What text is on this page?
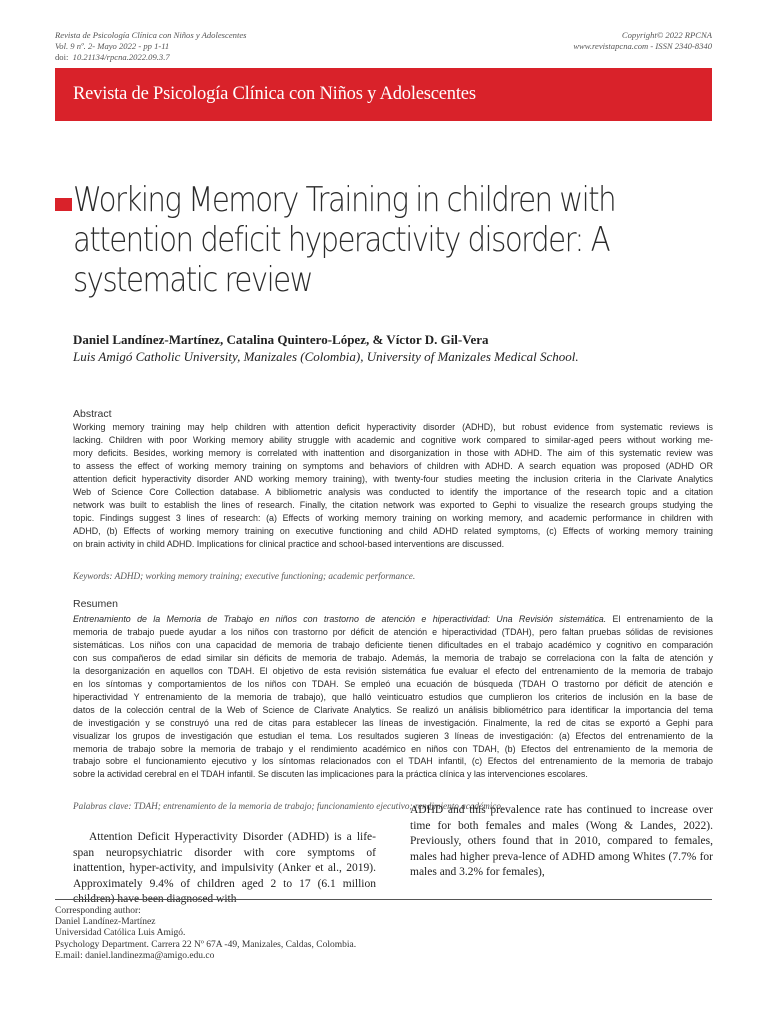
Revista de Psicología Clínica con Niños y Adolescentes
Vol. 9 nº. 2- Mayo 2022 - pp 1-11
doi: 10.21134/rpcna.2022.09.3.7
Copyright© 2022 RPCNA
www.revistapcna.com - ISSN 2340-8340
Revista de Psicología Clínica con Niños y Adolescentes
Working Memory Training in children with
attention deficit hyperactivity disorder: A
systematic review
Daniel Landínez-Martínez, Catalina Quintero-López, & Víctor D. Gil-Vera
Luis Amigó Catholic University, Manizales (Colombia), University of Manizales Medical School.
Abstract
Working memory training may help children with attention deficit hyperactivity disorder (ADHD), but robust evidence from systematic reviews is
lacking. Children with poor Working memory ability struggle with academic and cognitive work compared to similar-aged peers without working me-
mory deficits. Besides, working memory is correlated with inattention and disorganization in those with ADHD. The aim of this systematic review was
to assess the effect of working memory training on symptoms and behaviors of children with ADHD. A search equation was proposed (ADHD OR
attention deficit hyperactivity disorder AND working memory training), with twenty-four studies meeting the inclusion criteria in the Clarivate Analytics
Web of Science Core Collection database. A bibliometric analysis was conducted to identify the importance of the research topic and a citation
network was built to establish the lines of research. Finally, the citation network was exported to Gephi to visualize the research groups studying the
topic. Findings suggest 3 lines of research: (a) Effects of working memory training on working memory, and academic performance in children with
ADHD, (b) Effects of working memory training on executive functioning and child ADHD related symptoms, (c) Effects of working memory training
on brain activity in child ADHD. Implications for clinical practice and school-based interventions are discussed.
Keywords: ADHD; working memory training; executive functioning; academic performance.
Resumen
Entrenamiento de la Memoria de Trabajo en niños con trastorno de atención e hiperactividad: Una Revisión sistemática. El entrenamiento de la
memoria de trabajo puede ayudar a los niños con trastorno por déficit de atención e hiperactividad (TDAH), pero faltan pruebas sólidas de revisiones
sistemáticas. Los niños con una capacidad de memoria de trabajo deficiente tienen dificultades en el trabajo académico y cognitivo en comparación
con sus compañeros de edad similar sin déficits de memoria de trabajo. Además, la memoria de trabajo se correlaciona con la falta de atención y
la desorganización en aquellos con TDAH. El objetivo de esta revisión sistemática fue evaluar el efecto del entrenamiento de la memoria de trabajo
en los síntomas y comportamientos de los niños con TDAH. Se empleó una ecuación de búsqueda (TDAH O trastorno por déficit de atención e
hiperactividad Y entrenamiento de la memoria de trabajo), que halló veinticuatro estudios que cumplieron los criterios de inclusión en la base de
datos de la colección central de la Web of Science de Clarivate Analytics. Se realizó un análisis bibliométrico para identificar la importancia del tema
de investigación y se construyó una red de citas para establecer las líneas de investigación. Finalmente, la red de citas se exportó a Gephi para
visualizar los grupos de investigación que estudian el tema. Los resultados sugieren 3 líneas de investigación: (a) Efectos del entrenamiento de la
memoria de trabajo sobre la memoria de trabajo y el rendimiento académico en niños con TDAH, (b) Efectos del entrenamiento de la memoria de
trabajo sobre el funcionamiento ejecutivo y los síntomas relacionados con el TDAH infantil, (c) Efectos del entrenamiento de la memoria de trabajo
sobre la actividad cerebral en el TDAH infantil. Se discuten las implicaciones para la práctica clínica y las intervenciones escolares.
Palabras clave: TDAH; entrenamiento de la memoria de trabajo; funcionamiento ejecutivo; rendimiento académico.
Attention Deficit Hyperactivity Disorder (ADHD) is a life-span neuropsychiatric disorder with core symptoms of inattention, hyper-activity, and impulsivity (Anker et al., 2019). Approximately 9.4% of children aged 2 to 17 (6.1 million children) have been diagnosed with
ADHD and this prevalence rate has continued to increase over time for both females and males (Wong & Landes, 2022). Previously, others found that in 2010, compared to females, males had higher preva-lence of ADHD among Whites (7.7% for males and 3.2% for females),
Corresponding author:
Daniel Landínez-Martínez
Universidad Católica Luis Amigó.
Psychology Department. Carrera 22 Nº 67A -49, Manizales, Caldas, Colombia.
E.mail: daniel.landinezma@amigo.edu.co
